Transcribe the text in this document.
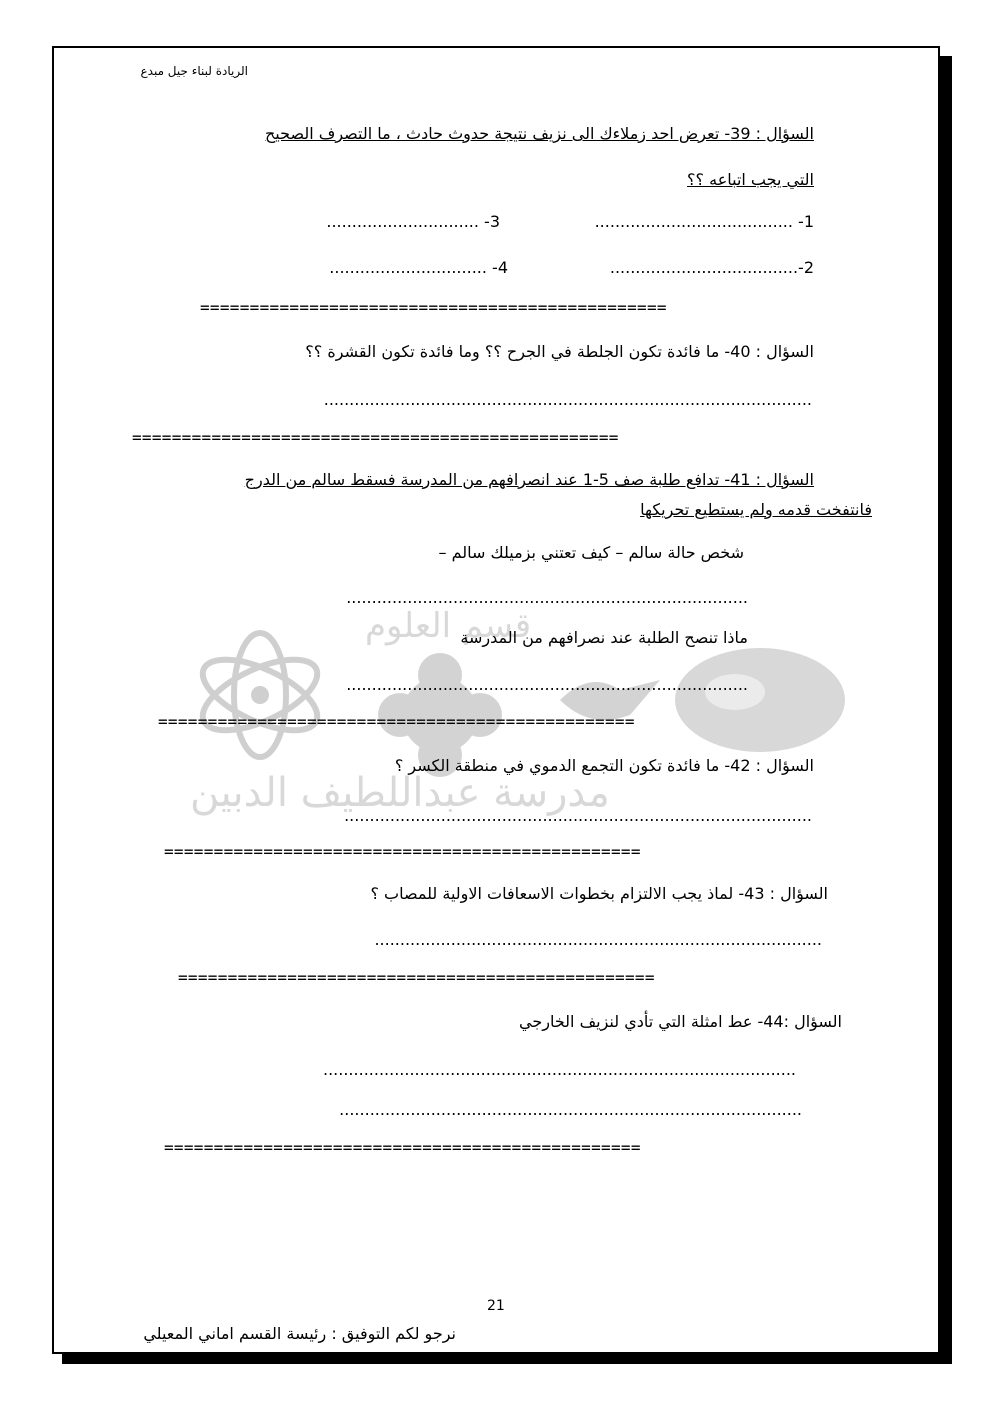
قسم العلوم
مدرسة عبداللطيف الدبين
الريادة لبناء جيل مبدع
السؤال : 39- تعرض احد زملاءك الى نزيف نتيجة حدوث حادث ، ما التصرف الصحيح
التي يجب اتباعه ؟؟
1- .......................................
3- ..............................
2-.....................................
4- ...............................
===============================================
السؤال : 40- ما فائدة تكون الجلطة في الجرح ؟؟ وما فائدة تكون القشرة ؟؟
................................................................................................
=================================================
السؤال : 41- تدافع طلبة صف 5-1 عند انصرافهم من المدرسة فسقط سالم من الدرج
فانتفخت قدمه ولم يستطيع تحريكها
شخص حالة سالم – كيف تعتني بزميلك سالم –
...............................................................................
ماذا تنصح الطلبة عند نصرافهم من المدرسة
...............................................................................
================================================
السؤال : 42- ما فائدة تكون التجمع الدموي في منطقة الكسر ؟
............................................................................................
================================================
السؤال : 43- لماذ يجب الالتزام بخطوات الاسعافات الاولية للمصاب ؟
........................................................................................
================================================
السؤال :44- عط امثلة التي تأدي لنزيف الخارجي
.............................................................................................
...........................................................................................
================================================
21
نرجو لكم التوفيق : رئيسة القسم اماني المعيلي
